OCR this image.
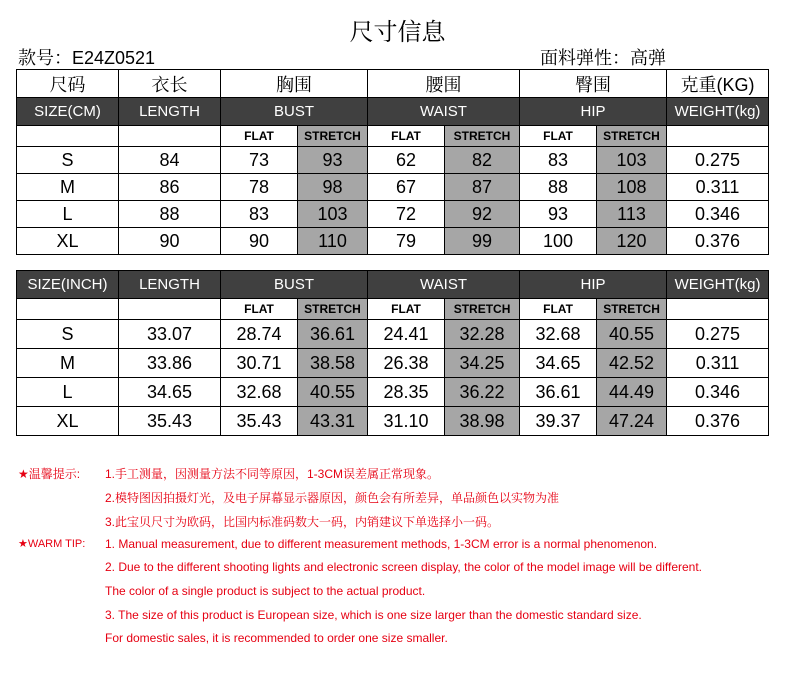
尺寸信息
款号：E24Z0521	面料弹性：高弹
尺码	衣长	胸围		腰围		臀围		克重(KG)
SIZE(CM)	LENGTH	BUST		WAIST		HIP		WEIGHT(kg)
		FLAT	STRETCH	FLAT	STRETCH	FLAT	STRETCH	
S	84	73	93	62	82	83	103	0.275
M	86	78	98	67	87	88	108	0.311
L	88	83	103	72	92	93	113	0.346
XL	90	90	110	79	99	100	120	0.376
SIZE(INCH)	LENGTH	BUST		WAIST		HIP		WEIGHT(kg)
		FLAT	STRETCH	FLAT	STRETCH	FLAT	STRETCH	
S	33.07	28.74	36.61	24.41	32.28	32.68	40.55	0.275
M	33.86	30.71	38.58	26.38	34.25	34.65	42.52	0.311
L	34.65	32.68	40.55	28.35	36.22	36.61	44.49	0.346
XL	35.43	35.43	43.31	31.10	38.98	39.37	47.24	0.376
★温馨提示: 1.手工测量，因测量方法不同等原因，1-3CM误差属正常现象。
2.模特图因拍摄灯光，及电子屏幕显示器原因，颜色会有所差异，单品颜色以实物为准
3.此宝贝尺寸为欧码，比国内标准码数大一码，内销建议下单选择小一码。
★WARM TIP: 1. Manual measurement, due to different measurement methods, 1-3CM error is a normal phenomenon.
2. Due to the different shooting lights and electronic screen display, the color of the model image will be different.
The color of a single product is subject to the actual product.
3. The size of this product is European size, which is one size larger than the domestic standard size.
For domestic sales, it is recommended to order one size smaller.
